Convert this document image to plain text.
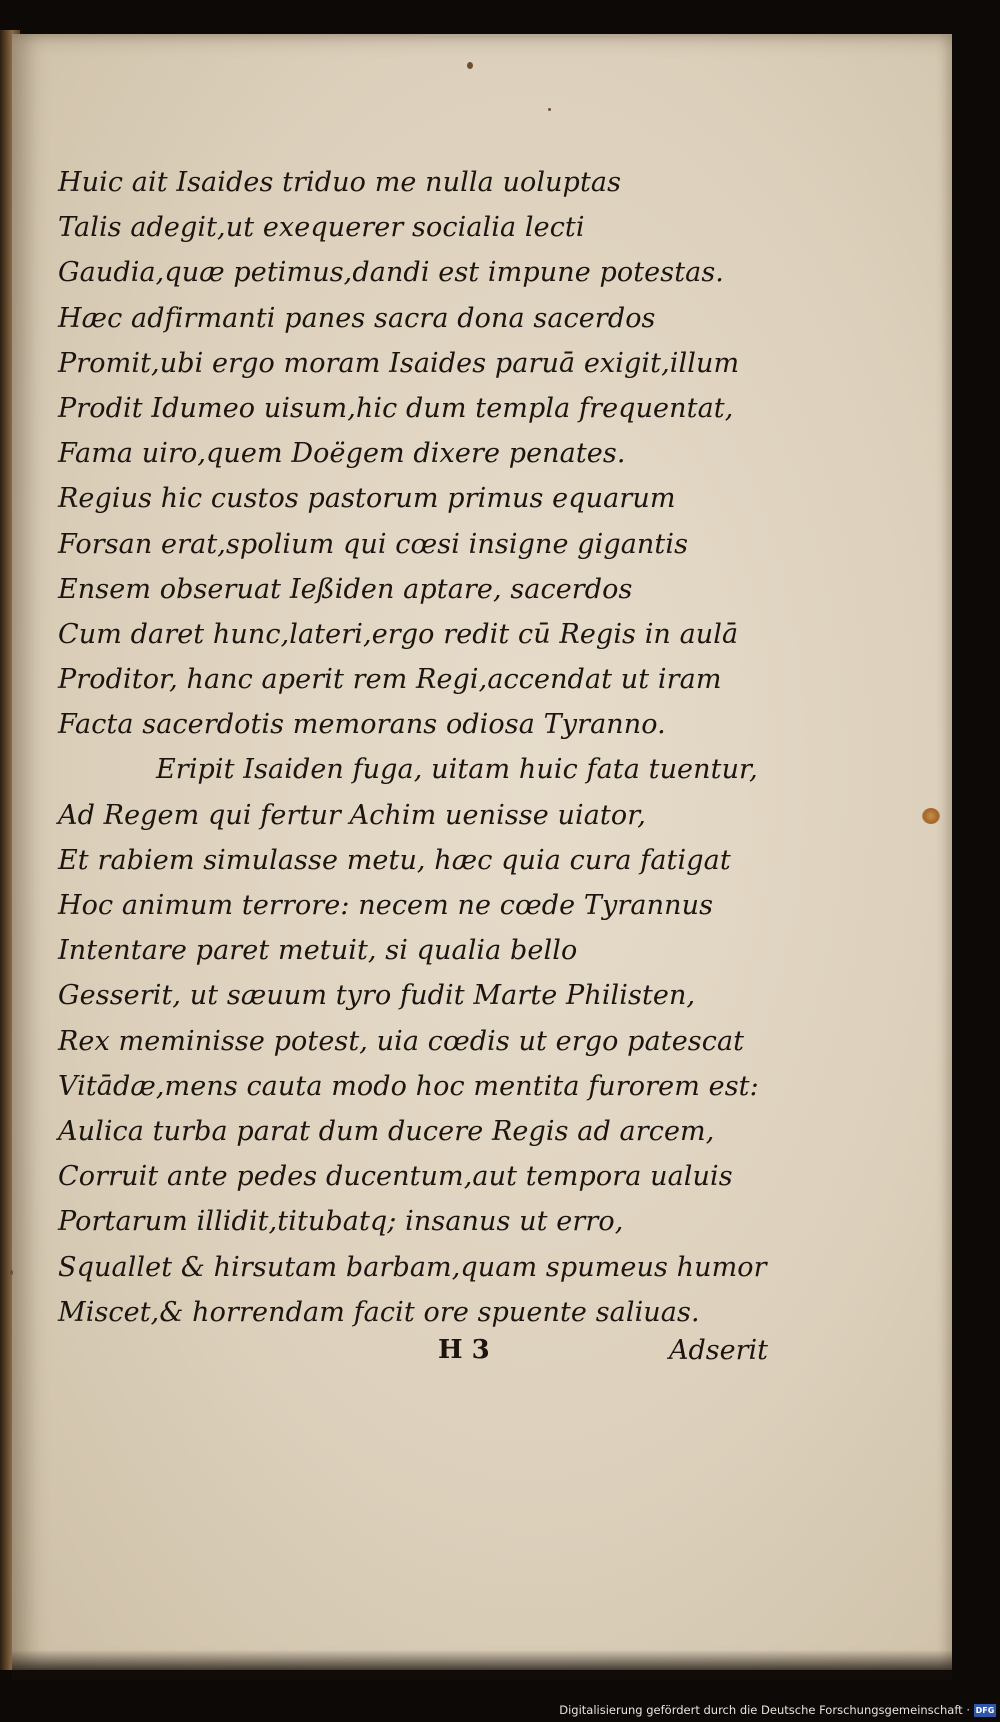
Huic ait Isaides triduo me nulla uoluptas
Talis adegit,ut exequerer socialia lecti
Gaudia,quæ petimus,dandi est impune potestas.
Hæc adfirmanti panes sacra dona sacerdos
Promit,ubi ergo moram Isaides paruā exigit,illum
Prodit Idumeo uisum,hic dum templa frequentat,
Fama uiro,quem Doëgem dixere penates.
Regius hic custos pastorum primus equarum
Forsan erat,spolium qui cœsi insigne gigantis
Ensem obseruat Ießiden aptare, sacerdos
Cum daret hunc,lateri,ergo redit cū Regis in aulā
Proditor, hanc aperit rem Regi,accendat ut iram
Facta sacerdotis memorans odiosa Tyranno.
Eripit Isaiden fuga, uitam huic fata tuentur,
Ad Regem qui fertur Achim uenisse uiator,
Et rabiem simulasse metu, hæc quia cura fatigat
Hoc animum terrore: necem ne cœde Tyrannus
Intentare paret metuit, si qualia bello
Gesserit, ut sæuum tyro fudit Marte Philisten,
Rex meminisse potest, uia cœdis ut ergo patescat
Vitādæ,mens cauta modo hoc mentita furorem est:
Aulica turba parat dum ducere Regis ad arcem,
Corruit ante pedes ducentum,aut tempora ualuis
Portarum illidit,titubatq; insanus ut erro,
Squallet & hirsutam barbam,quam spumeus humor
Miscet,& horrendam facit ore spuente saliuas.
H 3	Adserit
Digitalisierung gefördert durch die Deutsche Forschungsgemeinschaft · DFG
